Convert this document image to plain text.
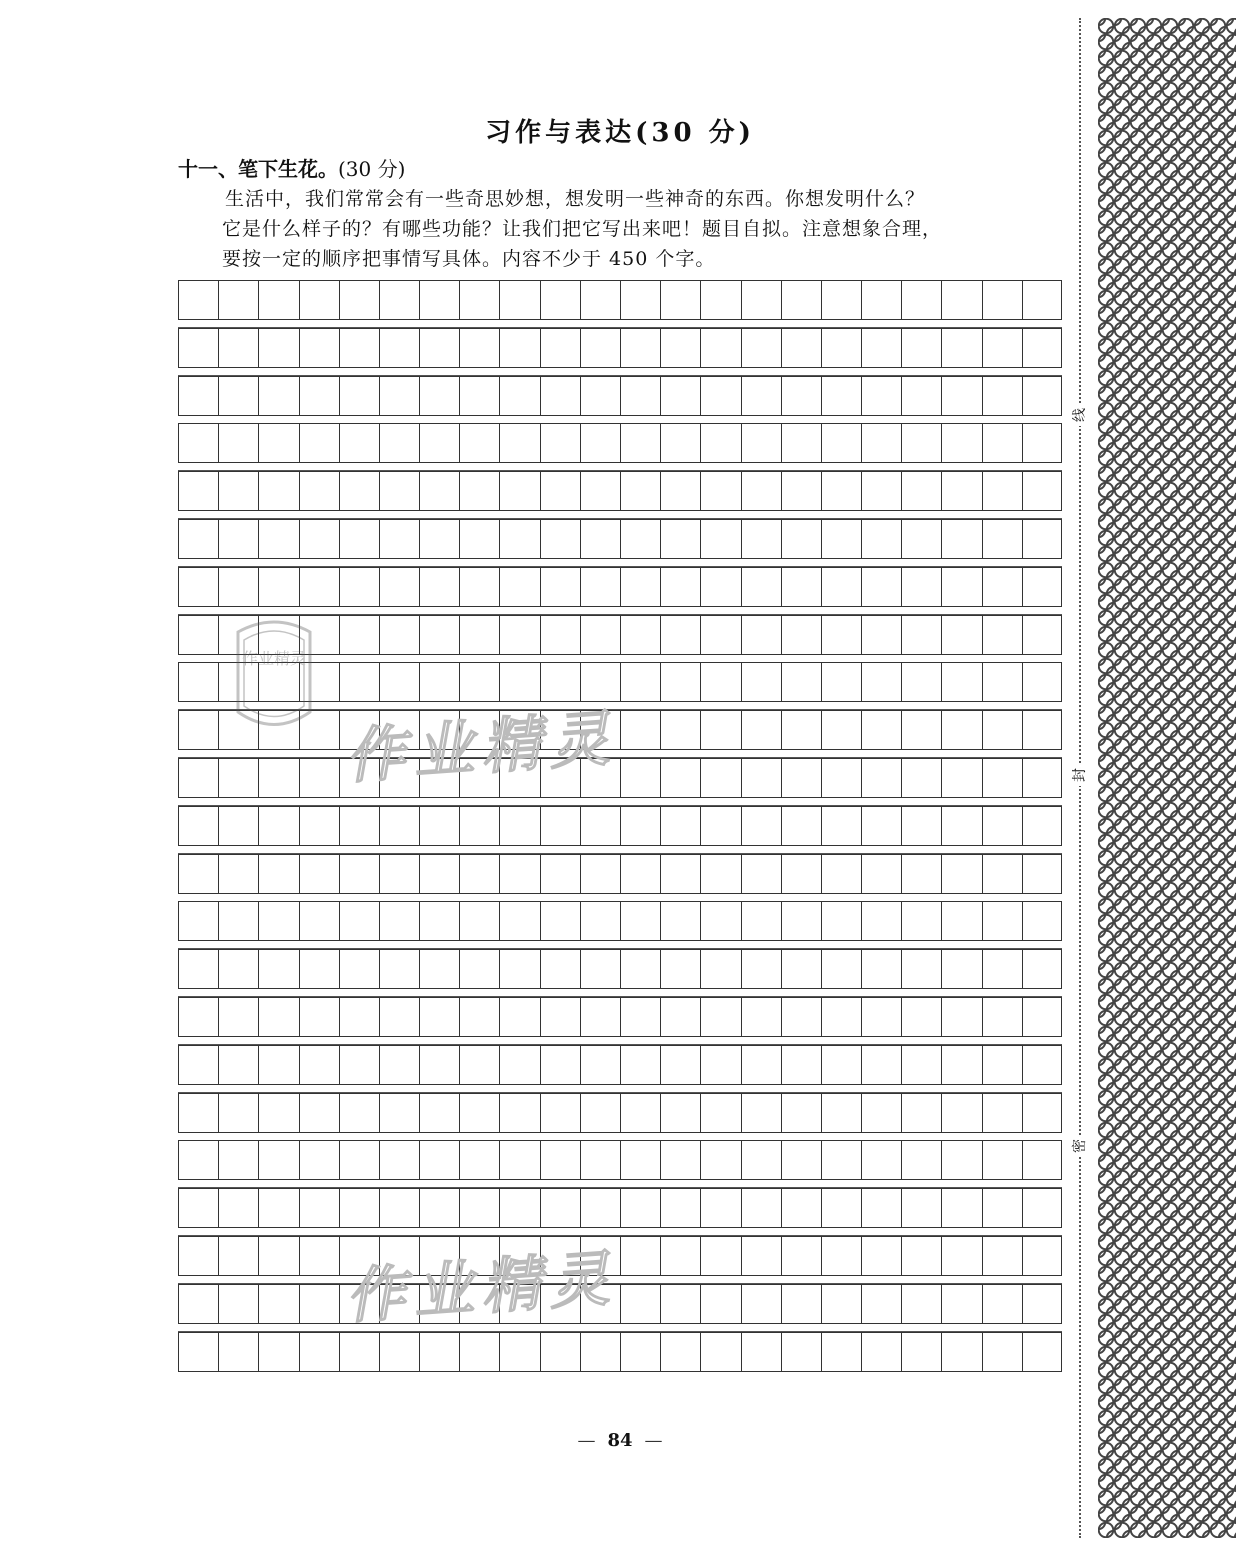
习作与表达(30 分)
十一、笔下生花。(30 分)

生活中，我们常常会有一些奇思妙想，想发明一些神奇的东西。你想发明什么？

它是什么样子的？有哪些功能？让我们把它写出来吧！题目自拟。注意想象合理，

要按一定的顺序把事情写具体。内容不少于 450 个字。

作业精灵
作业精灵
作业精灵
— 84 —
线
封
密
